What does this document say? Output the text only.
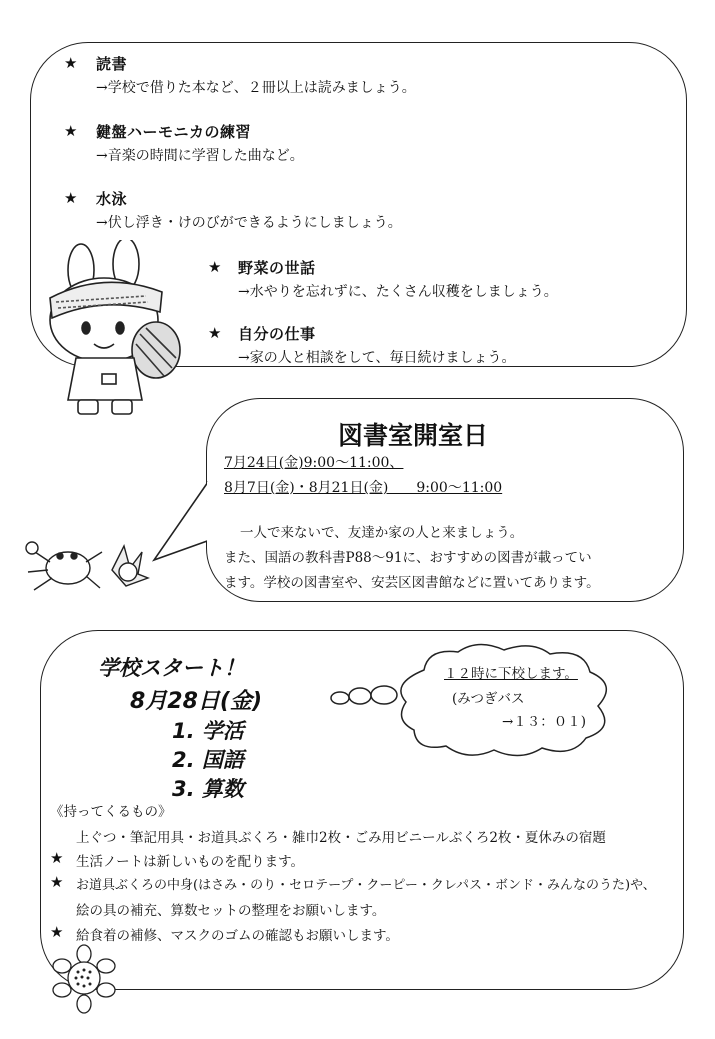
★ 読書
→学校で借りた本など、２冊以上は読みましょう。
★ 鍵盤ハーモニカの練習
→音楽の時間に学習した曲など。
★ 水泳
→伏し浮き・けのびができるようにしましょう。
★ 野菜の世話
→水やりを忘れずに、たくさん収穫をしましょう。
★ 自分の仕事
→家の人と相談をして、毎日続けましょう。
図書室開室日
7月24日(金)9:00～11:00、
8月7日(金)・8月21日(金)　　9:00～11:00
一人で来ないで、友達か家の人と来ましょう。
また、国語の教科書P88～91に、おすすめの図書が載ってい
ます。学校の図書室や、安芸区図書館などに置いてあります。
学校スタート！
8月28日(金)
1. 学活
2. 国語
3. 算数
１２時に下校します。
(みつぎバス
→１３：０１)
《持ってくるもの》
上ぐつ・筆記用具・お道具ぶくろ・雑巾2枚・ごみ用ビニールぶくろ2枚・夏休みの宿題
★ 生活ノートは新しいものを配ります。
★ お道具ぶくろの中身(はさみ・のり・セロテープ・クーピー・クレパス・ボンド・みんなのうた)や、
絵の具の補充、算数セットの整理をお願いします。
★ 給食着の補修、マスクのゴムの確認もお願いします。
